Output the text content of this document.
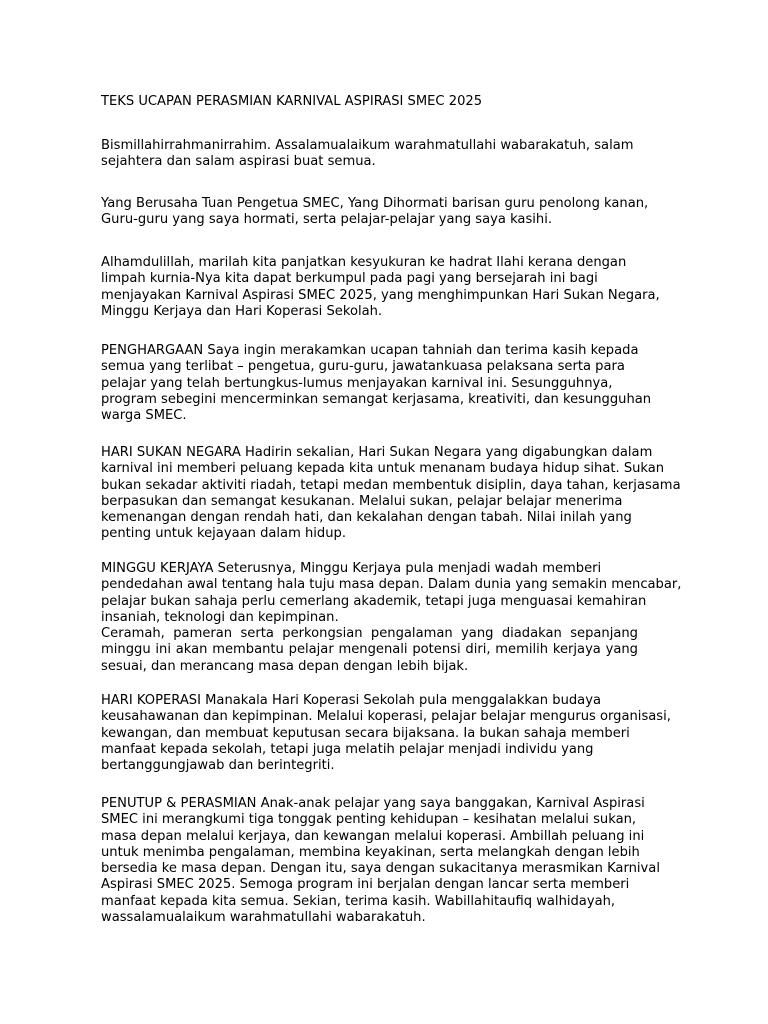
TEKS UCAPAN PERASMIAN KARNIVAL ASPIRASI SMEC 2025
Bismillahirrahmanirrahim. Assalamualaikum warahmatullahi wabarakatuh, salam
sejahtera dan salam aspirasi buat semua.
Yang Berusaha Tuan Pengetua SMEC, Yang Dihormati barisan guru penolong kanan,
Guru-guru yang saya hormati, serta pelajar-pelajar yang saya kasihi.
Alhamdulillah, marilah kita panjatkan kesyukuran ke hadrat Ilahi kerana dengan
limpah kurnia-Nya kita dapat berkumpul pada pagi yang bersejarah ini bagi
menjayakan Karnival Aspirasi SMEC 2025, yang menghimpunkan Hari Sukan Negara,
Minggu Kerjaya dan Hari Koperasi Sekolah.
PENGHARGAAN Saya ingin merakamkan ucapan tahniah dan terima kasih kepada
semua yang terlibat – pengetua, guru-guru, jawatankuasa pelaksana serta para
pelajar yang telah bertungkus-lumus menjayakan karnival ini. Sesungguhnya,
program sebegini mencerminkan semangat kerjasama, kreativiti, dan kesungguhan
warga SMEC.
HARI SUKAN NEGARA Hadirin sekalian, Hari Sukan Negara yang digabungkan dalam
karnival ini memberi peluang kepada kita untuk menanam budaya hidup sihat. Sukan
bukan sekadar aktiviti riadah, tetapi medan membentuk disiplin, daya tahan, kerjasama
berpasukan dan semangat kesukanan. Melalui sukan, pelajar belajar menerima
kemenangan dengan rendah hati, dan kekalahan dengan tabah. Nilai inilah yang
penting untuk kejayaan dalam hidup.
MINGGU KERJAYA Seterusnya, Minggu Kerjaya pula menjadi wadah memberi
pendedahan awal tentang hala tuju masa depan. Dalam dunia yang semakin mencabar,
pelajar bukan sahaja perlu cemerlang akademik, tetapi juga menguasai kemahiran
insaniah, teknologi dan kepimpinan.
Ceramah, pameran serta perkongsian pengalaman yang diadakan sepanjang
minggu ini akan membantu pelajar mengenali potensi diri, memilih kerjaya yang
sesuai, dan merancang masa depan dengan lebih bijak.
HARI KOPERASI Manakala Hari Koperasi Sekolah pula menggalakkan budaya
keusahawanan dan kepimpinan. Melalui koperasi, pelajar belajar mengurus organisasi,
kewangan, dan membuat keputusan secara bijaksana. Ia bukan sahaja memberi
manfaat kepada sekolah, tetapi juga melatih pelajar menjadi individu yang
bertanggungjawab dan berintegriti.
PENUTUP & PERASMIAN Anak-anak pelajar yang saya banggakan, Karnival Aspirasi
SMEC ini merangkumi tiga tonggak penting kehidupan – kesihatan melalui sukan,
masa depan melalui kerjaya, dan kewangan melalui koperasi. Ambillah peluang ini
untuk menimba pengalaman, membina keyakinan, serta melangkah dengan lebih
bersedia ke masa depan. Dengan itu, saya dengan sukacitanya merasmikan Karnival
Aspirasi SMEC 2025. Semoga program ini berjalan dengan lancar serta memberi
manfaat kepada kita semua. Sekian, terima kasih. Wabillahitaufiq walhidayah,
wassalamualaikum warahmatullahi wabarakatuh.
